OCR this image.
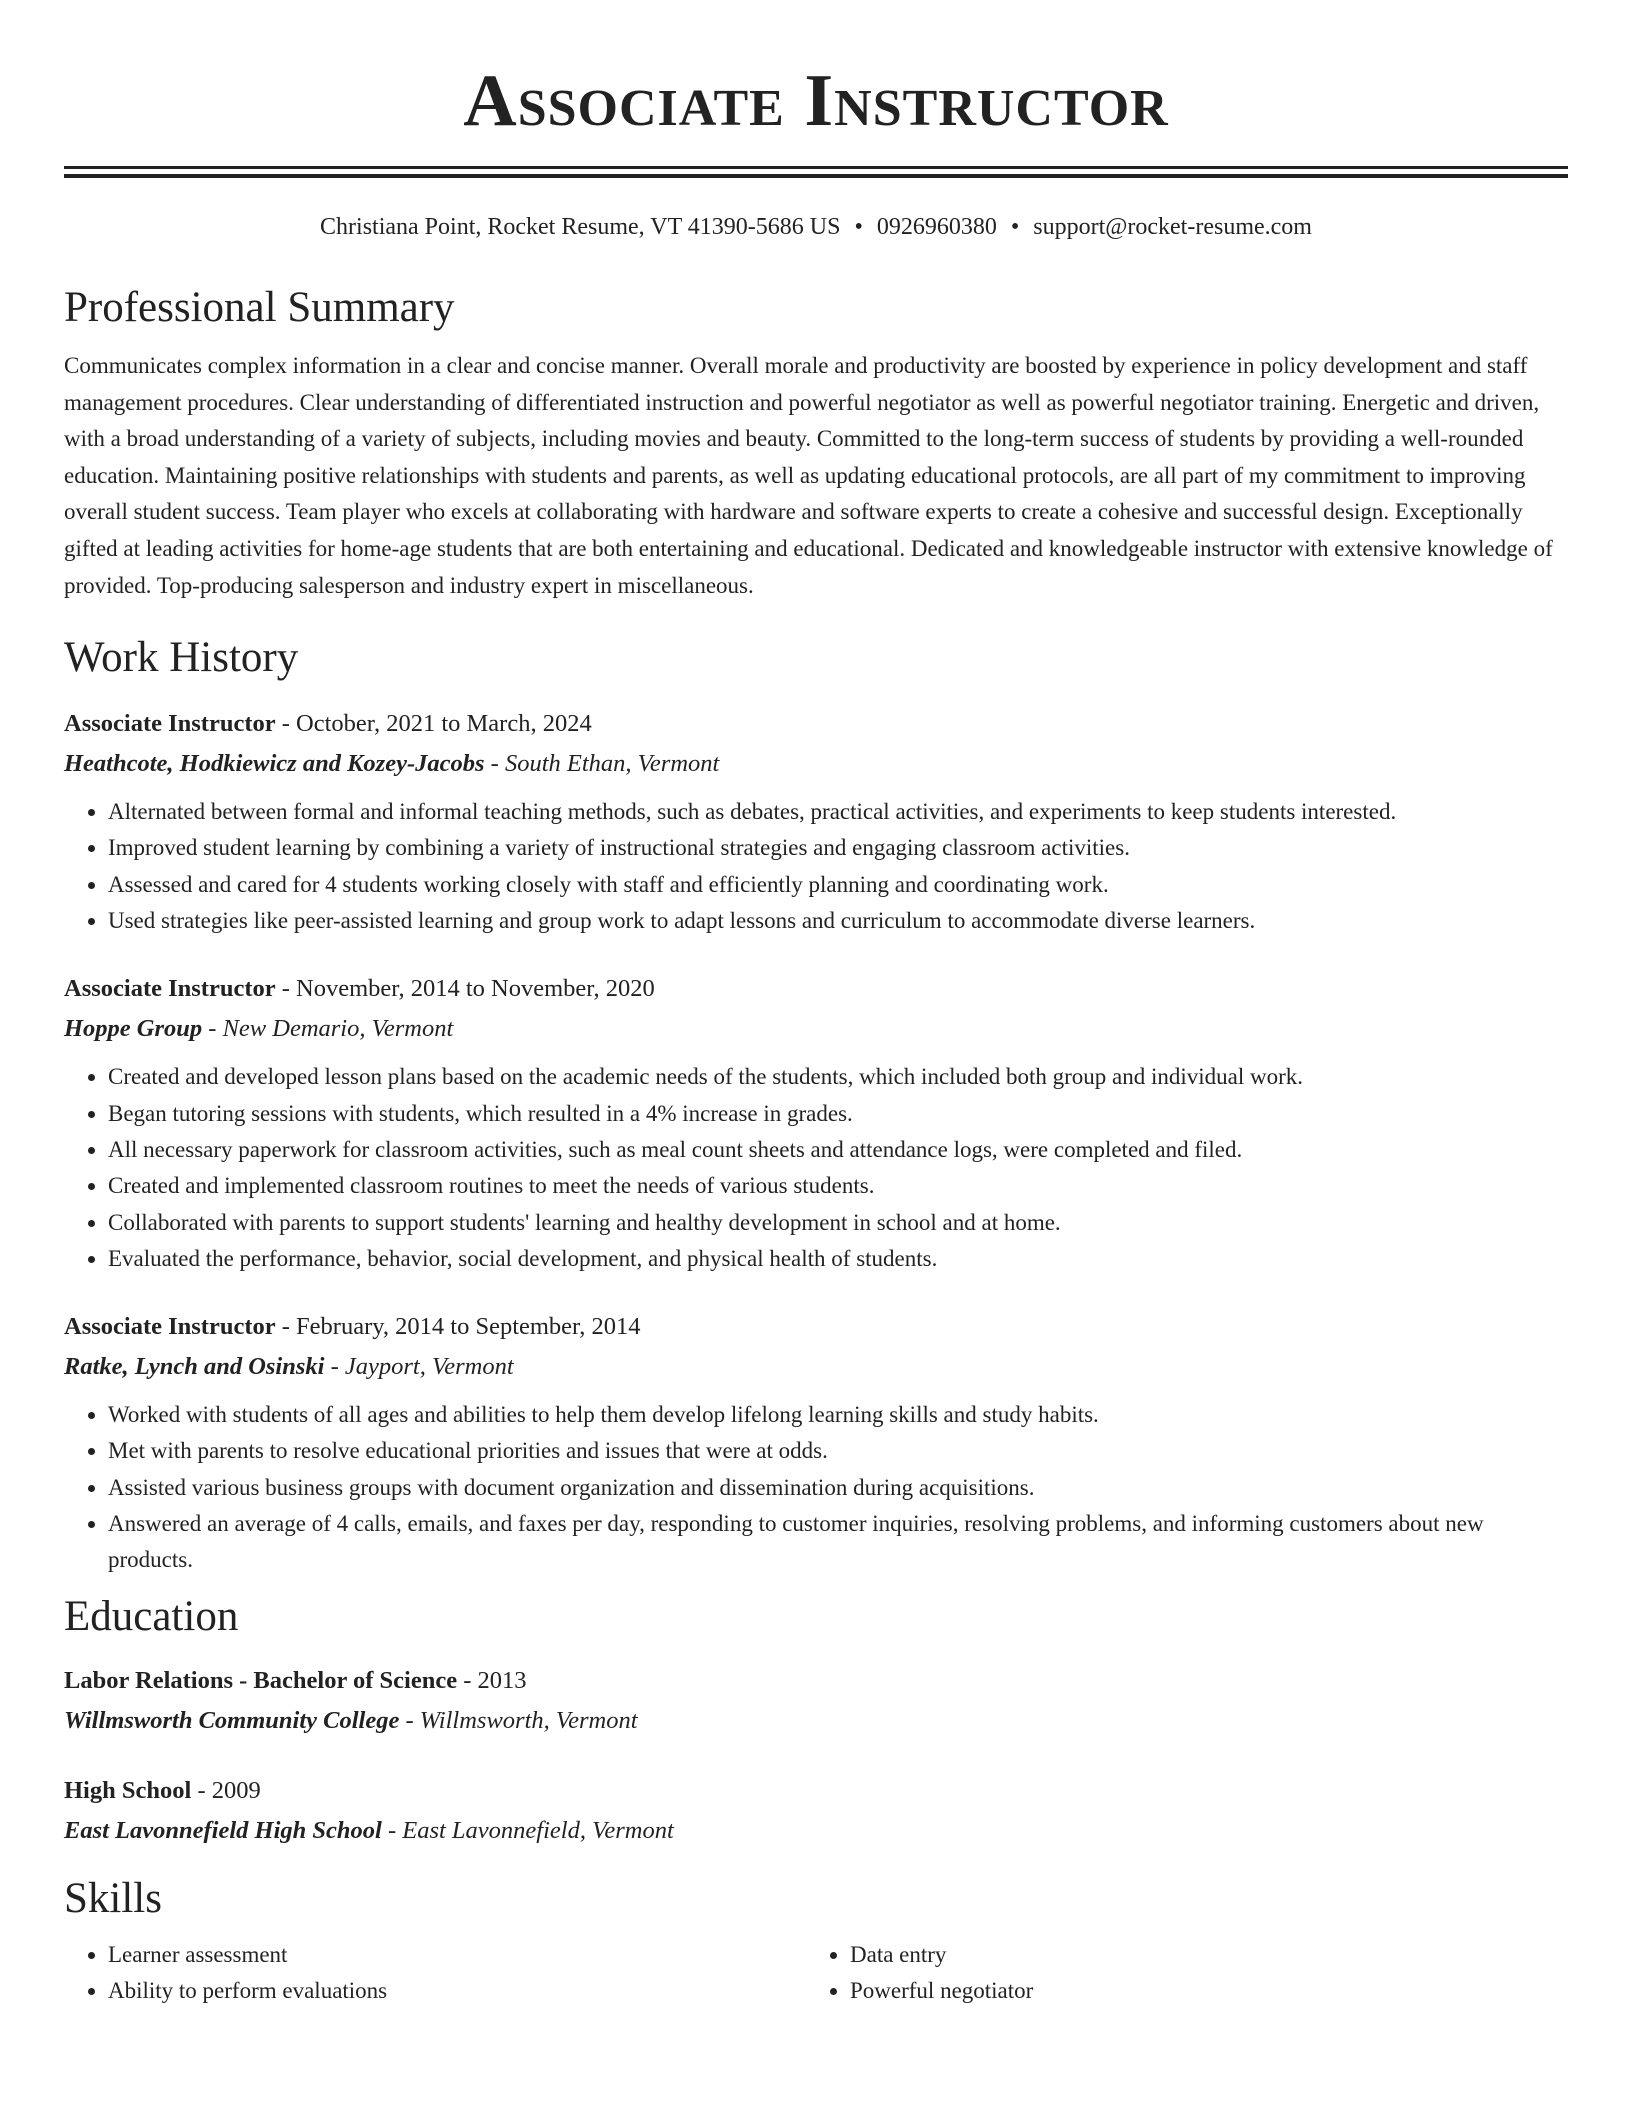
Associate Instructor
Christiana Point, Rocket Resume, VT 41390-5686 US • 0926960380 • support@rocket-resume.com
Professional Summary
Communicates complex information in a clear and concise manner. Overall morale and productivity are boosted by experience in policy development and staff management procedures. Clear understanding of differentiated instruction and powerful negotiator as well as powerful negotiator training. Energetic and driven, with a broad understanding of a variety of subjects, including movies and beauty. Committed to the long-term success of students by providing a well-rounded education. Maintaining positive relationships with students and parents, as well as updating educational protocols, are all part of my commitment to improving overall student success. Team player who excels at collaborating with hardware and software experts to create a cohesive and successful design. Exceptionally gifted at leading activities for home-age students that are both entertaining and educational. Dedicated and knowledgeable instructor with extensive knowledge of provided. Top-producing salesperson and industry expert in miscellaneous.
Work History
Associate Instructor - October, 2021 to March, 2024
Heathcote, Hodkiewicz and Kozey-Jacobs - South Ethan, Vermont
• Alternated between formal and informal teaching methods, such as debates, practical activities, and experiments to keep students interested.
• Improved student learning by combining a variety of instructional strategies and engaging classroom activities.
• Assessed and cared for 4 students working closely with staff and efficiently planning and coordinating work.
• Used strategies like peer-assisted learning and group work to adapt lessons and curriculum to accommodate diverse learners.
Associate Instructor - November, 2014 to November, 2020
Hoppe Group - New Demario, Vermont
• Created and developed lesson plans based on the academic needs of the students, which included both group and individual work.
• Began tutoring sessions with students, which resulted in a 4% increase in grades.
• All necessary paperwork for classroom activities, such as meal count sheets and attendance logs, were completed and filed.
• Created and implemented classroom routines to meet the needs of various students.
• Collaborated with parents to support students' learning and healthy development in school and at home.
• Evaluated the performance, behavior, social development, and physical health of students.
Associate Instructor - February, 2014 to September, 2014
Ratke, Lynch and Osinski - Jayport, Vermont
• Worked with students of all ages and abilities to help them develop lifelong learning skills and study habits.
• Met with parents to resolve educational priorities and issues that were at odds.
• Assisted various business groups with document organization and dissemination during acquisitions.
• Answered an average of 4 calls, emails, and faxes per day, responding to customer inquiries, resolving problems, and informing customers about new products.
Education
Labor Relations - Bachelor of Science - 2013
Willmsworth Community College - Willmsworth, Vermont
High School - 2009
East Lavonnefield High School - East Lavonnefield, Vermont
Skills
• Learner assessment
• Ability to perform evaluations
• Data entry
• Powerful negotiator
